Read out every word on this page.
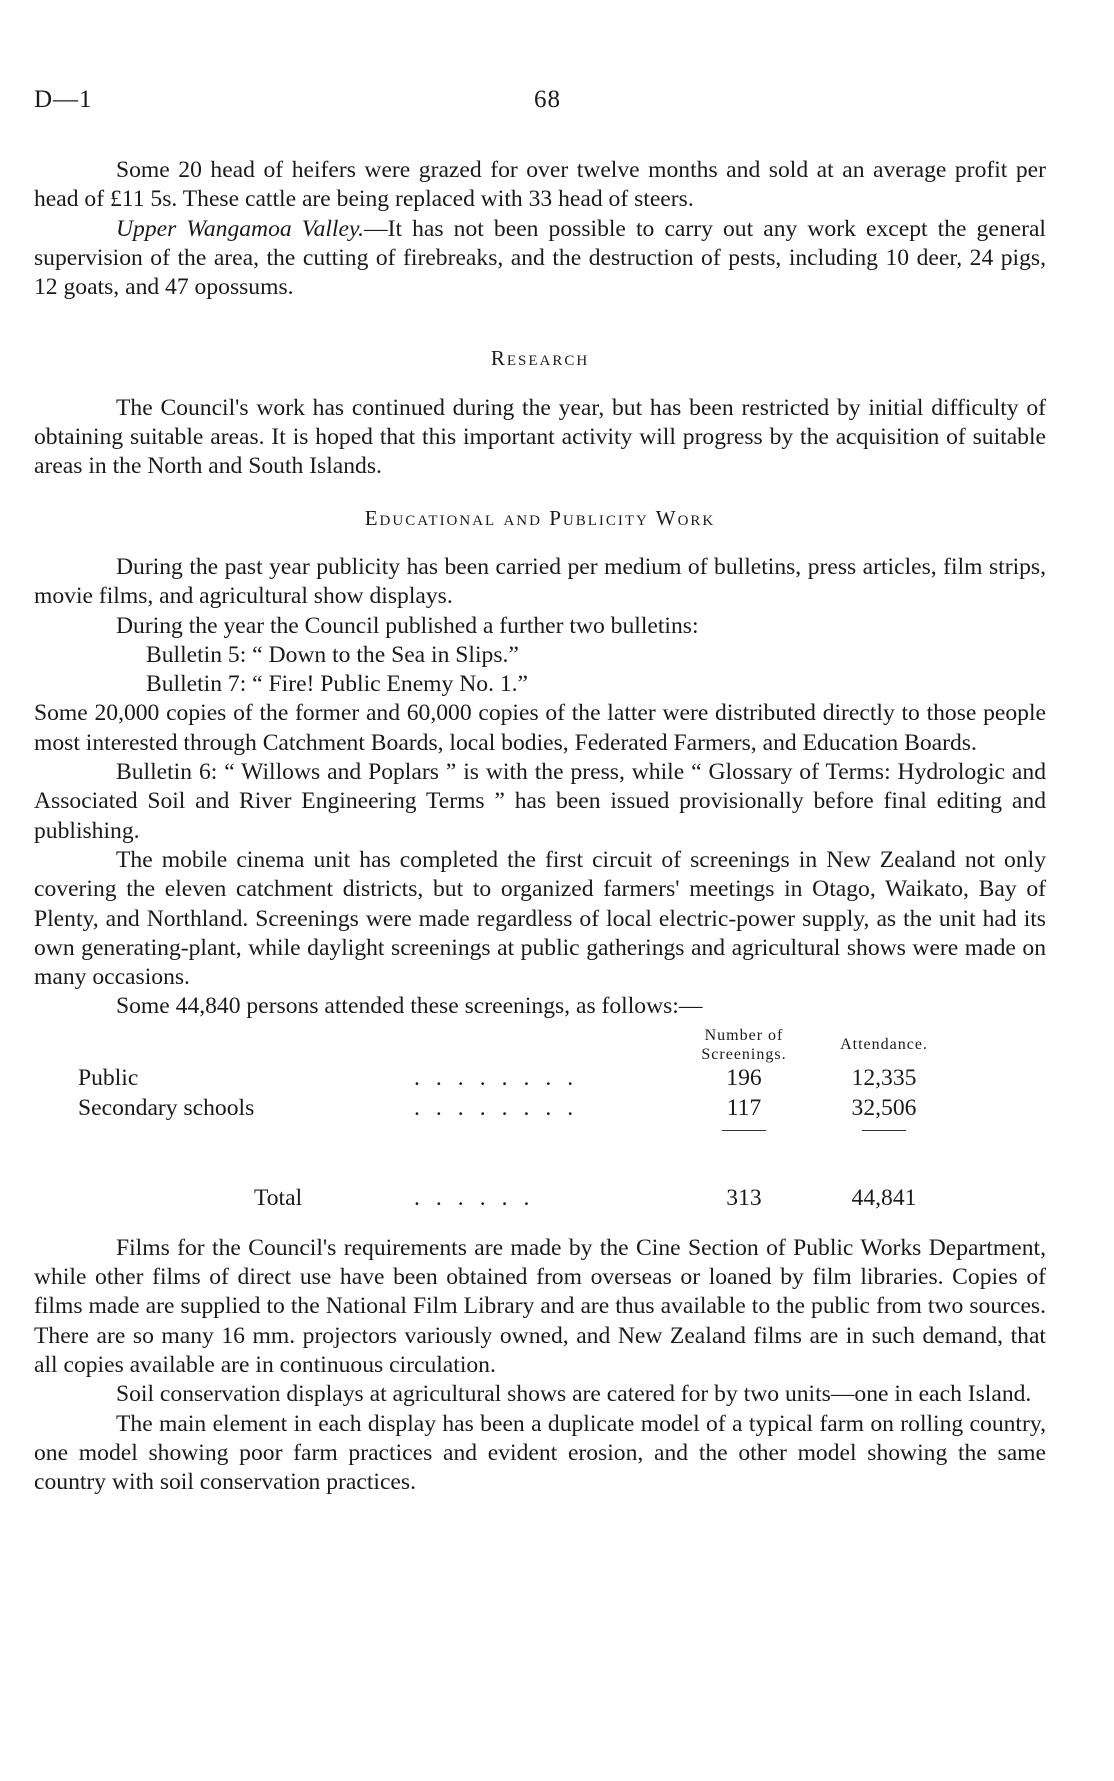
D—1	68

Some 20 head of heifers were grazed for over twelve months and sold at an average profit per head of £11 5s. These cattle are being replaced with 33 head of steers.

Upper Wangamoa Valley.—It has not been possible to carry out any work except the general supervision of the area, the cutting of firebreaks, and the destruction of pests, including 10 deer, 24 pigs, 12 goats, and 47 opossums.

Research

The Council's work has continued during the year, but has been restricted by initial difficulty of obtaining suitable areas. It is hoped that this important activity will progress by the acquisition of suitable areas in the North and South Islands.

Educational and Publicity Work

During the past year publicity has been carried per medium of bulletins, press articles, film strips, movie films, and agricultural show displays.

During the year the Council published a further two bulletins:

Bulletin 5: “ Down to the Sea in Slips.”
Bulletin 7: “ Fire! Public Enemy No. 1.”

Some 20,000 copies of the former and 60,000 copies of the latter were distributed directly to those people most interested through Catchment Boards, local bodies, Federated Farmers, and Education Boards.

Bulletin 6: “ Willows and Poplars ” is with the press, while “ Glossary of Terms: Hydrologic and Associated Soil and River Engineering Terms ” has been issued provisionally before final editing and publishing.

The mobile cinema unit has completed the first circuit of screenings in New Zealand not only covering the eleven catchment districts, but to organized farmers' meetings in Otago, Waikato, Bay of Plenty, and Northland. Screenings were made regardless of local electric-power supply, as the unit had its own generating-plant, while daylight screenings at public gatherings and agricultural shows were made on many occasions.

Some 44,840 persons attended these screenings, as follows:—

			Number of Screenings.	Attendance.
Public		........	196	12,335
Secondary schools		........	117	32,506

	Total	......	313	44,841

Films for the Council's requirements are made by the Cine Section of Public Works Department, while other films of direct use have been obtained from overseas or loaned by film libraries. Copies of films made are supplied to the National Film Library and are thus available to the public from two sources. There are so many 16 mm. projectors variously owned, and New Zealand films are in such demand, that all copies available are in continuous circulation.

Soil conservation displays at agricultural shows are catered for by two units—one in each Island.

The main element in each display has been a duplicate model of a typical farm on rolling country, one model showing poor farm practices and evident erosion, and the other model showing the same country with soil conservation practices.
